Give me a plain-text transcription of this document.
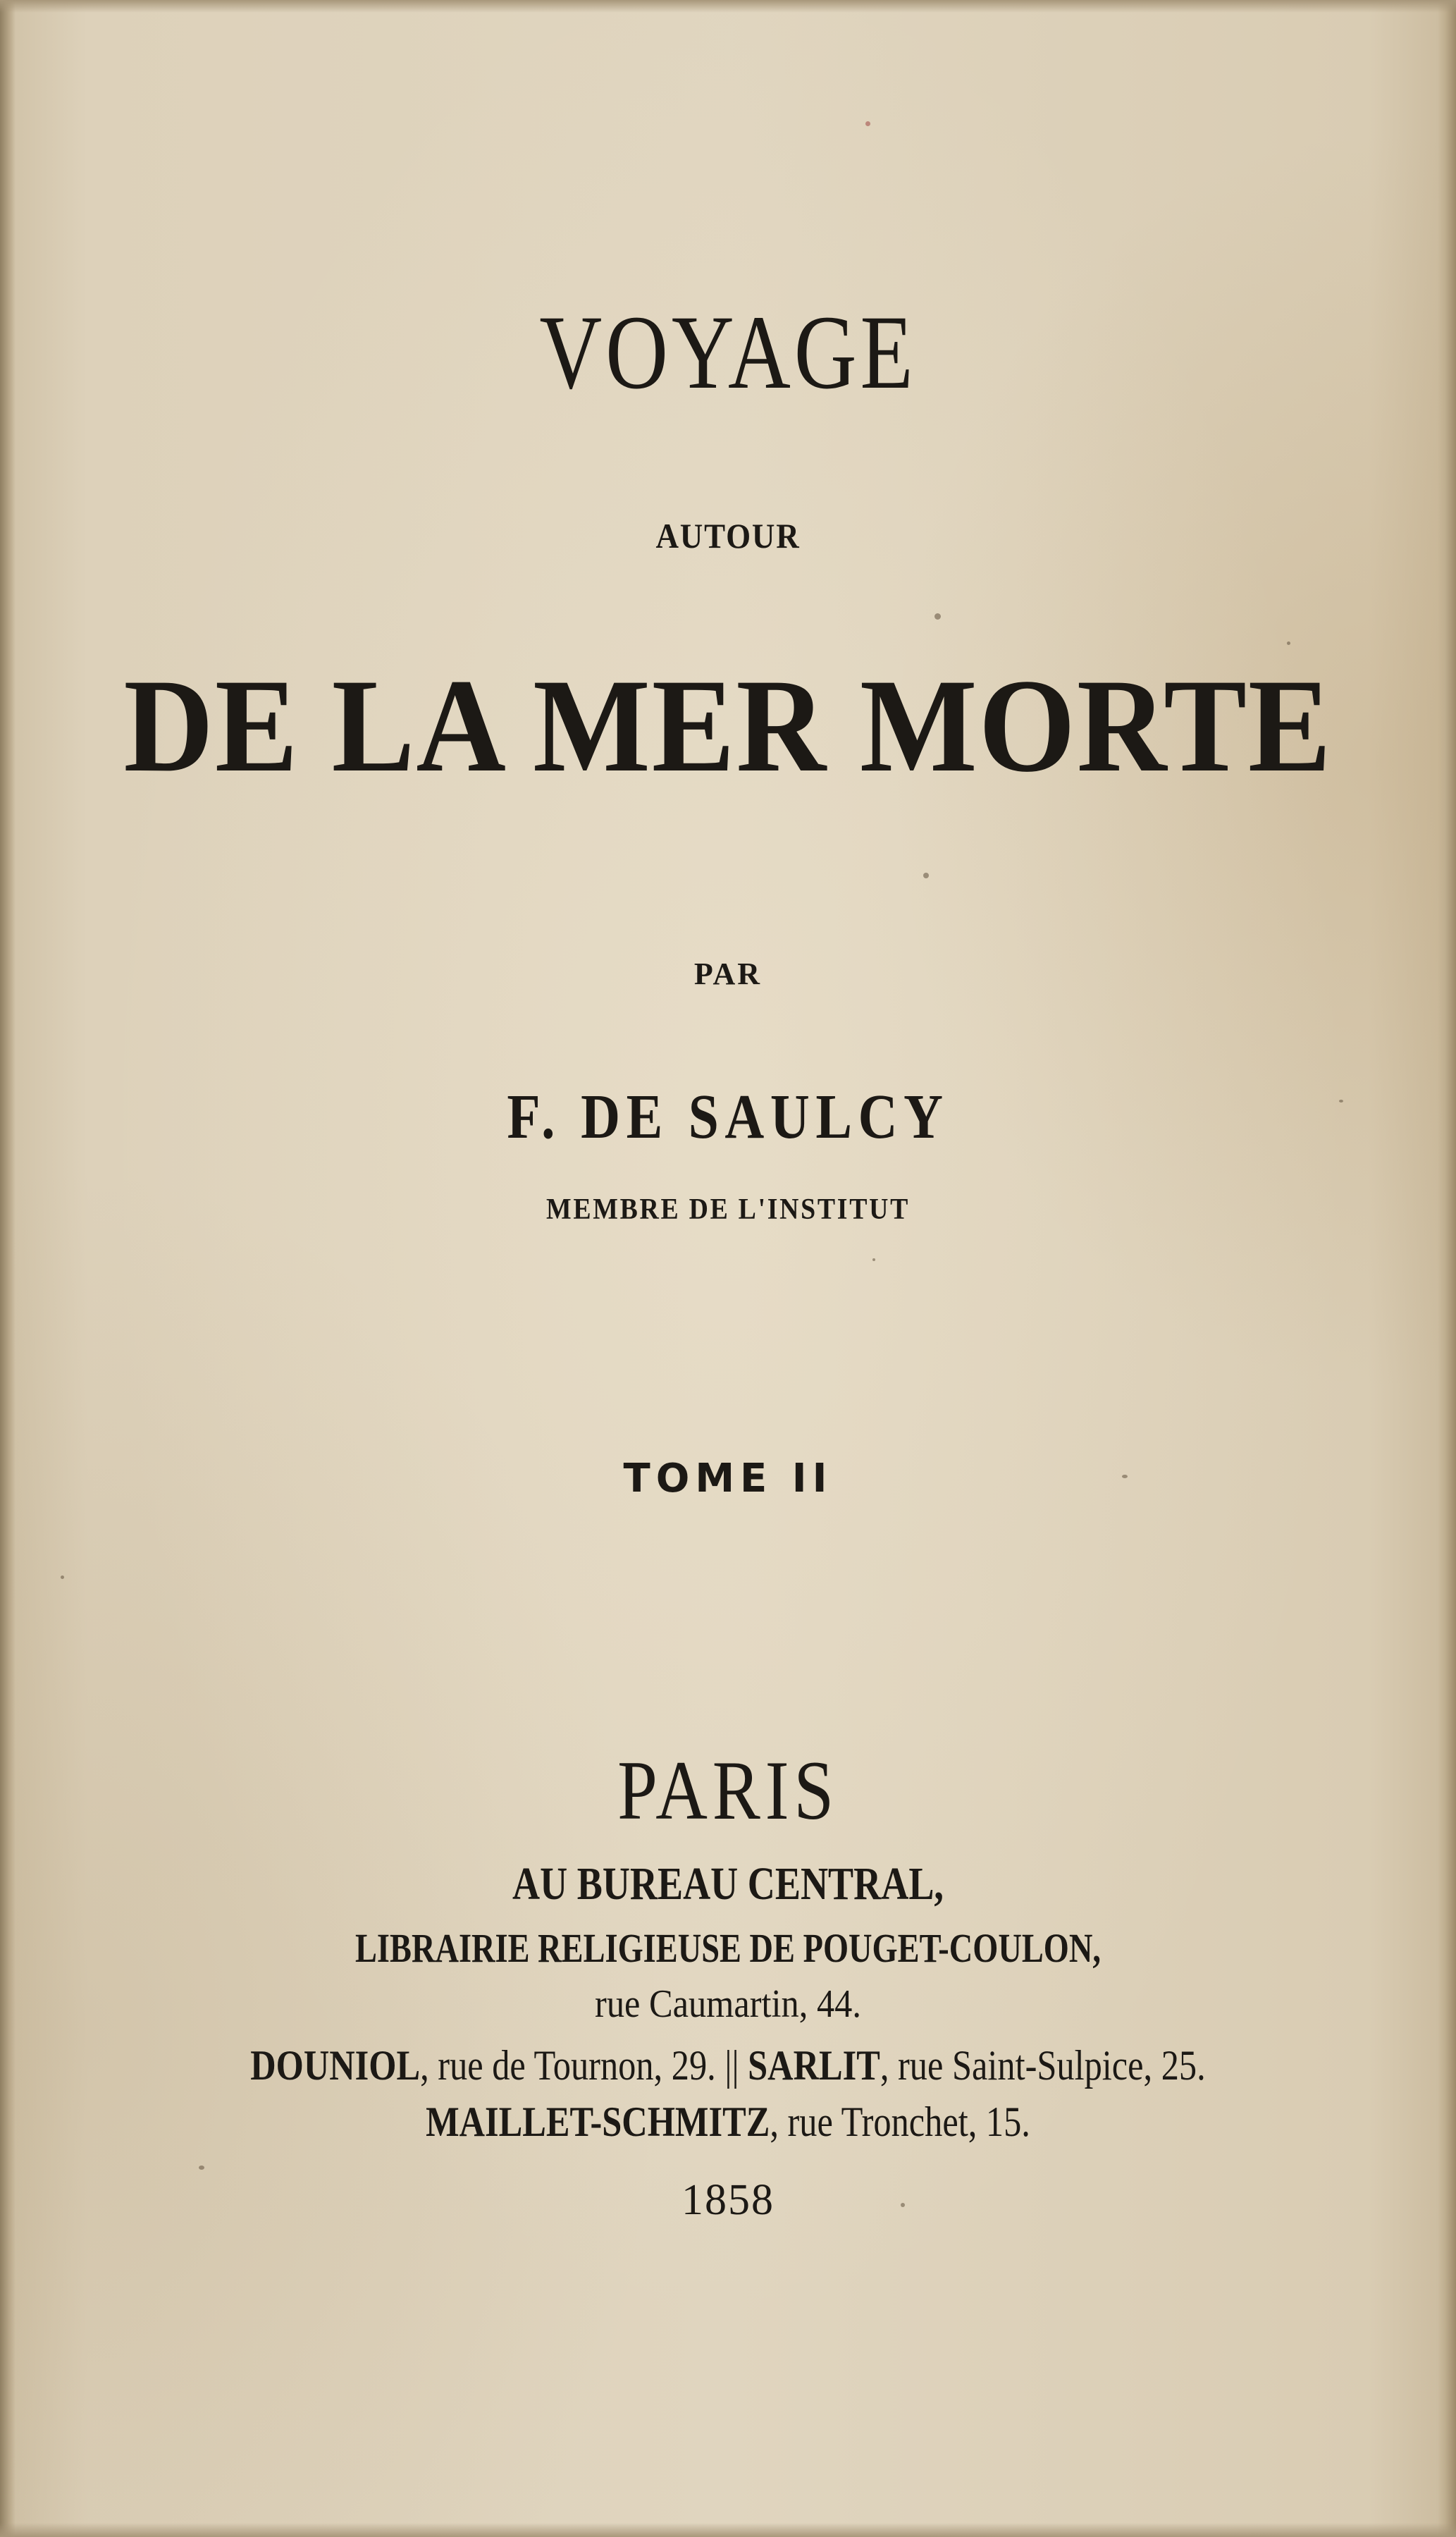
VOYAGE
AUTOUR
DE LA MER MORTE
PAR
F. DE SAULCY
MEMBRE DE L'INSTITUT
TOME II
PARIS
AU BUREAU CENTRAL,
LIBRAIRIE RELIGIEUSE DE POUGET-COULON,
rue Caumartin, 44.
DOUNIOL, rue de Tournon, 29. || SARLIT, rue Saint-Sulpice, 25.
MAILLET-SCHMITZ, rue Tronchet, 15.
1858
